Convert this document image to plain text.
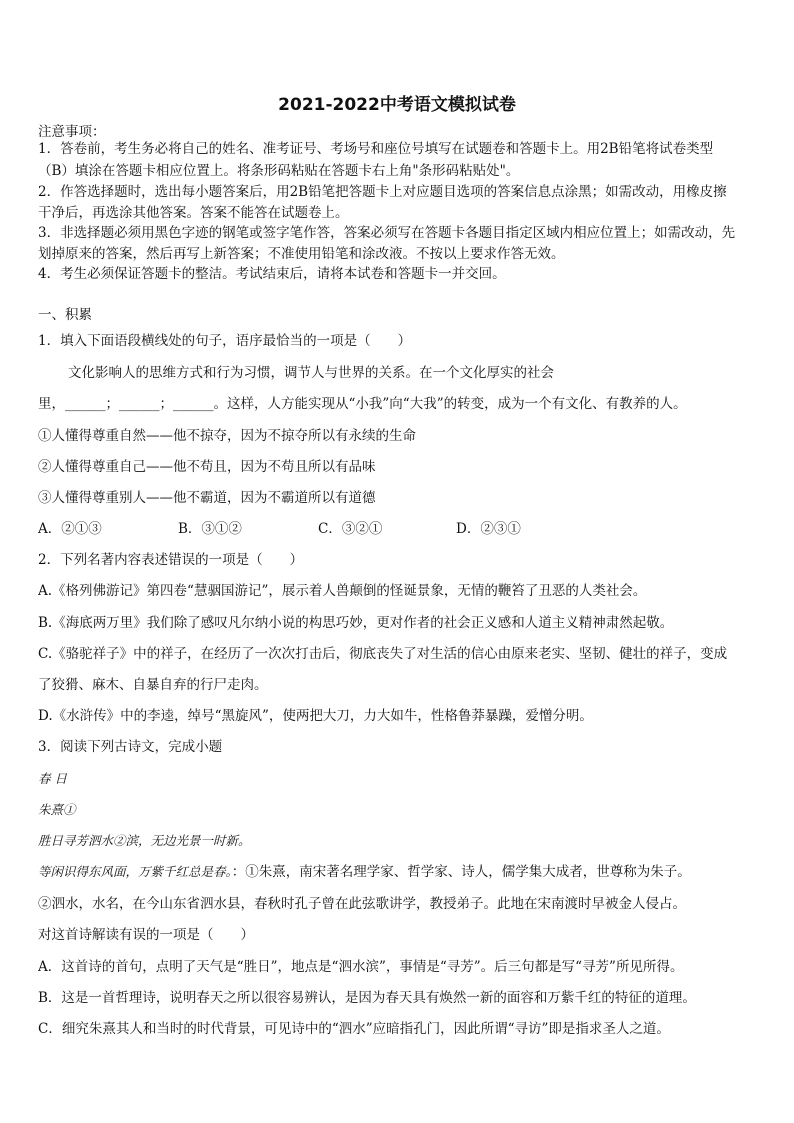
2021-2022中考语文模拟试卷
注意事项：
1．答卷前，考生务必将自己的姓名、准考证号、考场号和座位号填写在试题卷和答题卡上。用2B铅笔将试卷类型
（B）填涂在答题卡相应位置上。将条形码粘贴在答题卡右上角"条形码粘贴处"。
2．作答选择题时，选出每小题答案后，用2B铅笔把答题卡上对应题目选项的答案信息点涂黑；如需改动，用橡皮擦
干净后，再选涂其他答案。答案不能答在试题卷上。
3．非选择题必须用黑色字迹的钢笔或签字笔作答，答案必须写在答题卡各题目指定区域内相应位置上；如需改动，先
划掉原来的答案，然后再写上新答案；不准使用铅笔和涂改液。不按以上要求作答无效。
4．考生必须保证答题卡的整洁。考试结束后，请将本试卷和答题卡一并交回。
一、积累
1．填入下面语段横线处的句子，语序最恰当的一项是（　　）
文化影响人的思维方式和行为习惯，调节人与世界的关系。在一个文化厚实的社会
里，______；______；______。这样，人方能实现从“小我”向“大我”的转变，成为一个有文化、有教养的人。
①人懂得尊重自然——他不掠夺，因为不掠夺所以有永续的生命
②人懂得尊重自己——他不苟且，因为不苟且所以有品味
③人懂得尊重别人——他不霸道，因为不霸道所以有道德
A．②①③	B．③①②	C．③②①	D．②③①
2．下列名著内容表述错误的一项是（　　）
A.《格列佛游记》第四卷“慧骃国游记”，展示着人兽颠倒的怪诞景象，无情的鞭笞了丑恶的人类社会。
B.《海底两万里》我们除了感叹凡尔纳小说的构思巧妙，更对作者的社会正义感和人道主义精神肃然起敬。
C.《骆驼祥子》中的祥子，在经历了一次次打击后，彻底丧失了对生活的信心由原来老实、坚韧、健壮的祥子，变成
了狡猾、麻木、自暴自弃的行尸走肉。
D.《水浒传》中的李逵，绰号“黑旋风”，使两把大刀，力大如牛，性格鲁莽暴躁，爱憎分明。
3．阅读下列古诗文，完成小题
春 日
朱熹①
胜日寻芳泗水②滨，无边光景一时新。
等闲识得东风面，万紫千红总是春。：①朱熹，南宋著名理学家、哲学家、诗人，儒学集大成者，世尊称为朱子。
②泗水，水名，在今山东省泗水县，春秋时孔子曾在此弦歌讲学，教授弟子。此地在宋南渡时早被金人侵占。
对这首诗解读有误的一项是（　　）
A．这首诗的首句，点明了天气是“胜日”，地点是“泗水滨”，事情是“寻芳”。后三句都是写“寻芳”所见所得。
B．这是一首哲理诗，说明春天之所以很容易辨认，是因为春天具有焕然一新的面容和万紫千红的特征的道理。
C．细究朱熹其人和当时的时代背景，可见诗中的“泗水”应暗指孔门，因此所谓“寻访”即是指求圣人之道。
